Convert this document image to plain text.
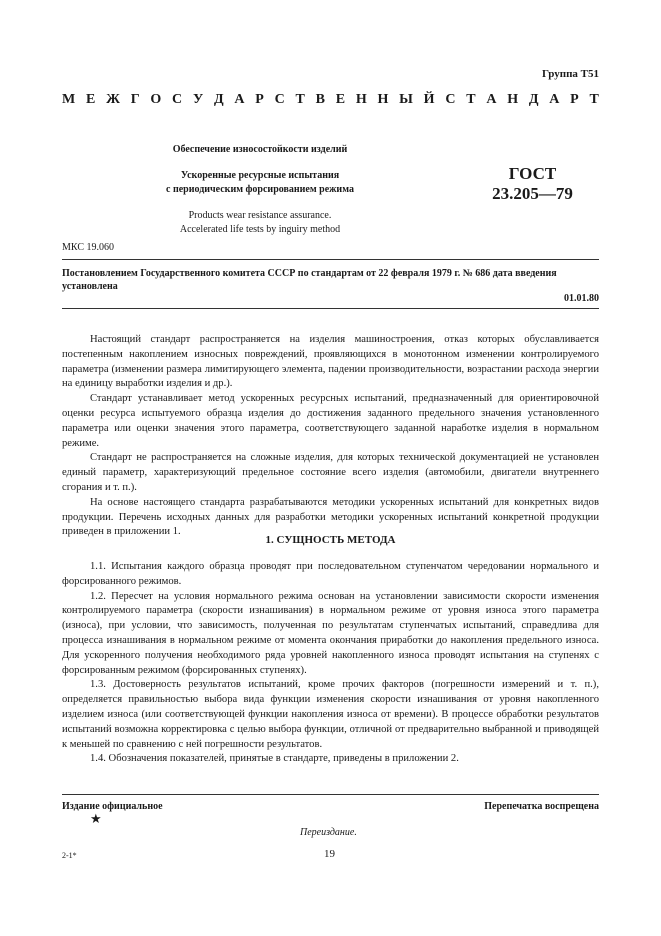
Группа Т51
М Е Ж Г О С У Д А Р С Т В Е Н Н Ы Й С Т А Н Д А Р Т
Обеспечение износостойкости изделий
Ускоренные ресурсные испытания
с периодическим форсированием режима
Products wear resistance assurance.
Accelerated life tests by inguiry method
ГОСТ
23.205—79
МКС 19.060
Постановлением Государственного комитета СССР по стандартам от 22 февраля 1979 г. № 686 дата введения установлена
01.01.80

Настоящий стандарт распространяется на изделия машиностроения, отказ которых обуславливается постепенным накоплением износных повреждений, проявляющихся в монотонном изменении контролируемого параметра (изменении размера лимитирующего элемента, падении производительности, возрастании расхода энергии на единицу выработки изделия и др.).

Стандарт устанавливает метод ускоренных ресурсных испытаний, предназначенный для ориентировочной оценки ресурса испытуемого образца изделия до достижения заданного предельного значения установленного параметра или оценки значения этого параметра, соответствующего заданной наработке изделия в нормальном режиме.

Стандарт не распространяется на сложные изделия, для которых технической документацией не установлен единый параметр, характеризующий предельное состояние всего изделия (автомобили, двигатели внутреннего сгорания и т. п.).

На основе настоящего стандарта разрабатываются методики ускоренных испытаний для конкретных видов продукции. Перечень исходных данных для разработки методики ускоренных испытаний конкретной продукции приведен в приложении 1.

1. СУЩНОСТЬ МЕТОДА

1.1. Испытания каждого образца проводят при последовательном ступенчатом чередовании нормального и форсированного режимов.

1.2. Пересчет на условия нормального режима основан на установлении зависимости скорости изменения контролируемого параметра (скорости изнашивания) в нормальном режиме от уровня износа этого параметра (износа), при условии, что зависимость, полученная по результатам ступенчатых испытаний, справедлива для процесса изнашивания в нормальном режиме от момента окончания приработки до накопления предельного износа. Для ускоренного получения необходимого ряда уровней накопленного износа проводят испытания на ступенях с форсированным режимом (форсированных ступенях).

1.3. Достоверность результатов испытаний, кроме прочих факторов (погрешности измерений и т. п.), определяется правильностью выбора вида функции изменения скорости изнашивания от уровня накопленного изделием износа (или соответствующей функции накопления износа от времени). В процессе обработки результатов испытаний возможна корректировка с целью выбора функции, отличной от предварительно выбранной и приводящей к меньшей по сравнению с ней погрешности результатов.

1.4. Обозначения показателей, принятые в стандарте, приведены в приложении 2.

Издание официальное	Перепечатка воспрещена
★
Переиздание.
2-1*	19
